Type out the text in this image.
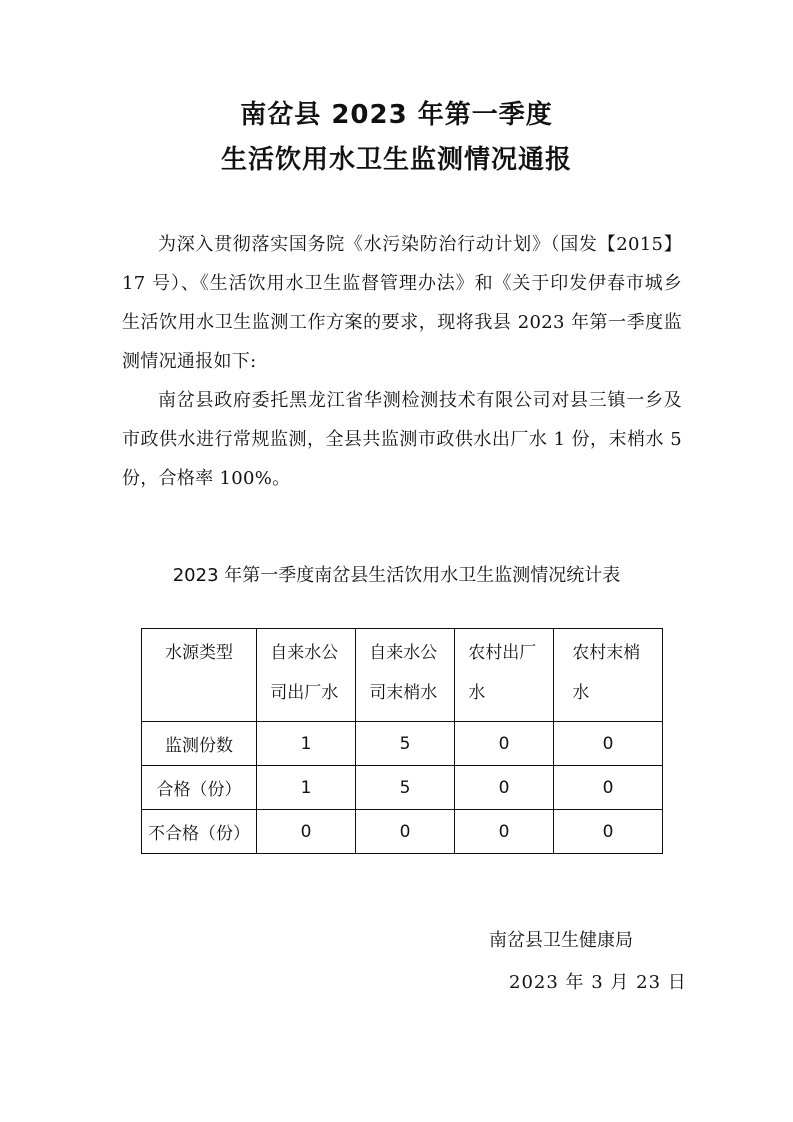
南岔县 2023 年第一季度
生活饮用水卫生监测情况通报

为深入贯彻落实国务院《水污染防治行动计划》（国发【2015】17 号）、《生活饮用水卫生监督管理办法》和《关于印发伊春市城乡生活饮用水卫生监测工作方案的要求，现将我县 2023 年第一季度监测情况通报如下:

南岔县政府委托黑龙江省华测检测技术有限公司对县三镇一乡及市政供水进行常规监测，全县共监测市政供水出厂水 1 份，末梢水 5 份，合格率 100%。

2023 年第一季度南岔县生活饮用水卫生监测情况统计表

水源类型	自来水公司出厂水	自来水公司末梢水	农村出厂水	农村末梢水

监测份数	1	5	0	0
合格（份）	1	5	0	0
不合格（份）	0	0	0	0

南岔县卫生健康局

2023 年 3 月 23 日
